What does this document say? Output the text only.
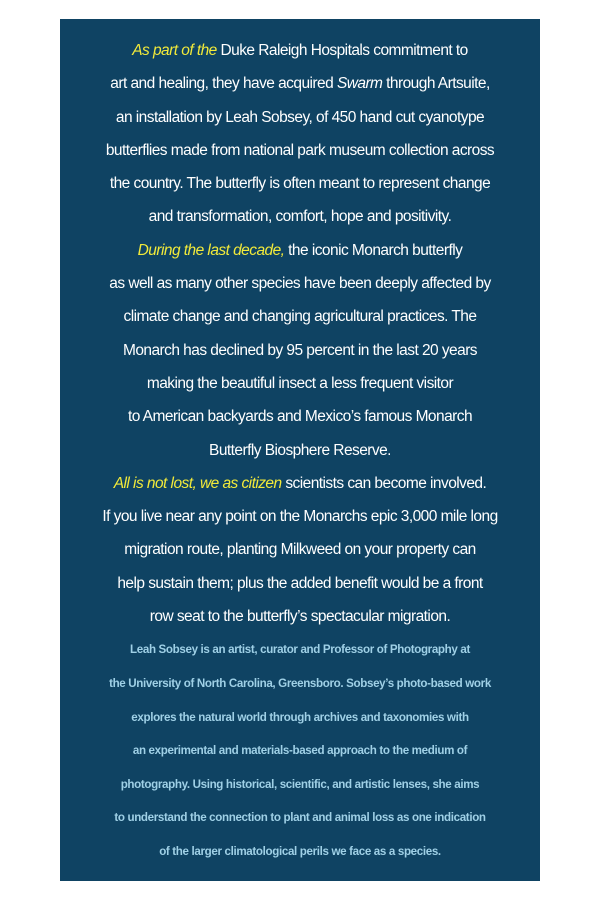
As part of the Duke Raleigh Hospitals commitment to
art and healing, they have acquired Swarm through Artsuite,
an installation by Leah Sobsey, of 450 hand cut cyanotype
butterflies made from national park museum collection across
the country. The butterfly is often meant to represent change
and transformation, comfort, hope and positivity.

During the last decade, the iconic Monarch butterfly
as well as many other species have been deeply affected by
climate change and changing agricultural practices. The
Monarch has declined by 95 percent in the last 20 years
making the beautiful insect a less frequent visitor
to American backyards and Mexico’s famous Monarch
Butterfly Biosphere Reserve.

All is not lost, we as citizen scientists can become involved.
If you live near any point on the Monarchs epic 3,000 mile long
migration route, planting Milkweed on your property can
help sustain them; plus the added benefit would be a front
row seat to the butterfly’s spectacular migration.

Leah Sobsey is an artist, curator and Professor of Photography at
the University of North Carolina, Greensboro. Sobsey’s photo-based work
explores the natural world through archives and taxonomies with
an experimental and materials-based approach to the medium of
photography. Using historical, scientific, and artistic lenses, she aims
to understand the connection to plant and animal loss as one indication
of the larger climatological perils we face as a species.
